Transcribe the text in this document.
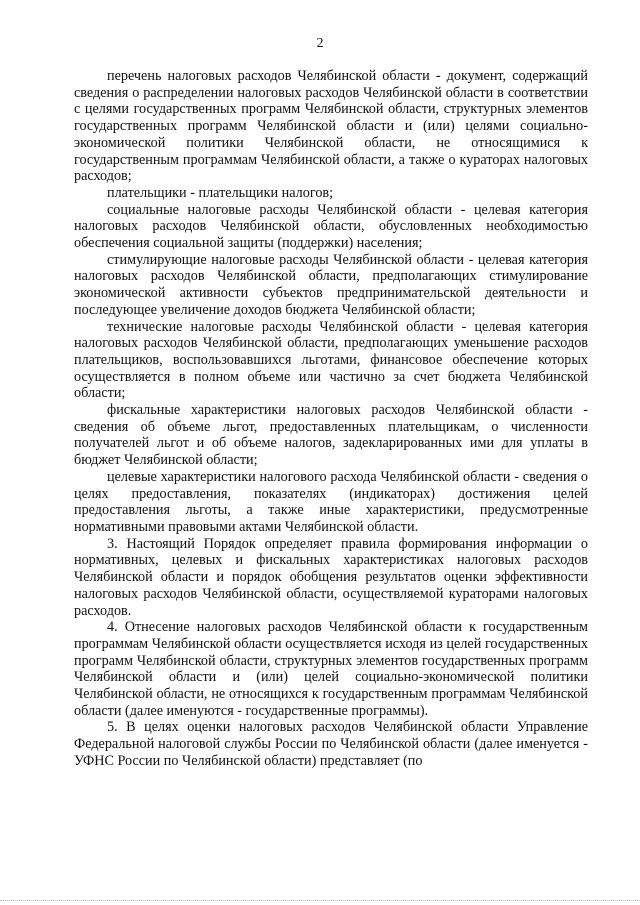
2

перечень налоговых расходов Челябинской области - документ, содержащий сведения о распределении налоговых расходов Челябинской области в соответствии с целями государственных программ Челябинской области, структурных элементов государственных программ Челябинской области и (или) целями социально-экономической политики Челябинской области, не относящимися к государственным программам Челябинской области, а также о кураторах налоговых расходов;

плательщики - плательщики налогов;

социальные налоговые расходы Челябинской области - целевая категория налоговых расходов Челябинской области, обусловленных необходимостью обеспечения социальной защиты (поддержки) населения;

стимулирующие налоговые расходы Челябинской области - целевая категория налоговых расходов Челябинской области, предполагающих стимулирование экономической активности субъектов предпринимательской деятельности и последующее увеличение доходов бюджета Челябинской области;

технические налоговые расходы Челябинской области - целевая категория налоговых расходов Челябинской области, предполагающих уменьшение расходов плательщиков, воспользовавшихся льготами, финансовое обеспечение которых осуществляется в полном объеме или частично за счет бюджета Челябинской области;

фискальные характеристики налоговых расходов Челябинской области - сведения об объеме льгот, предоставленных плательщикам, о численности получателей льгот и об объеме налогов, задекларированных ими для уплаты в бюджет Челябинской области;

целевые характеристики налогового расхода Челябинской области - сведения о целях предоставления, показателях (индикаторах) достижения целей предоставления льготы, а также иные характеристики, предусмотренные нормативными правовыми актами Челябинской области.

3. Настоящий Порядок определяет правила формирования информации о нормативных, целевых и фискальных характеристиках налоговых расходов Челябинской области и порядок обобщения результатов оценки эффективности налоговых расходов Челябинской области, осуществляемой кураторами налоговых расходов.

4. Отнесение налоговых расходов Челябинской области к государственным программам Челябинской области осуществляется исходя из целей государственных программ Челябинской области, структурных элементов государственных программ Челябинской области и (или) целей социально-экономической политики Челябинской области, не относящихся к государственным программам Челябинской области (далее именуются - государственные программы).

5. В целях оценки налоговых расходов Челябинской области Управление Федеральной налоговой службы России по Челябинской области (далее именуется - УФНС России по Челябинской области) представляет (по
